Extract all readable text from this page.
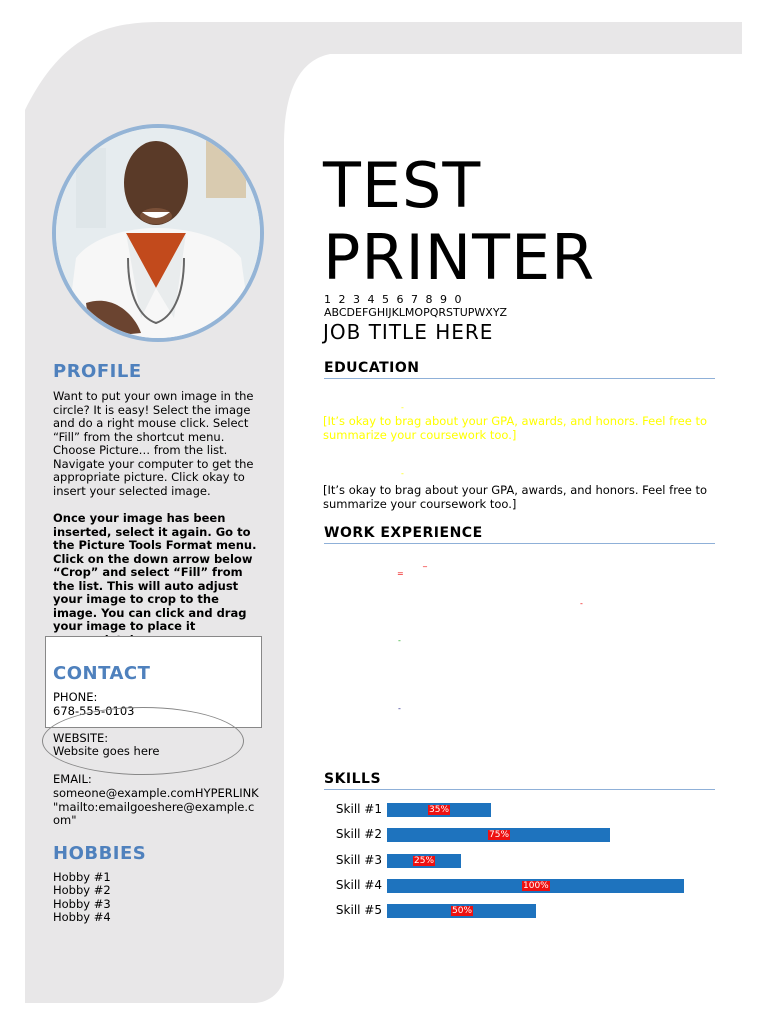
PROFILE
Want to put your own image in the circle? It is easy! Select the image and do a right mouse click. Select “Fill” from the shortcut menu. Choose Picture… from the list. Navigate your computer to get the appropriate picture. Click okay to insert your selected image.
Once your image has been inserted, select it again. Go to the Picture Tools Format menu. Click on the down arrow below “Crop” and select “Fill” from the list. This will auto adjust your image to crop to the image. You can click and drag your image to place it
CONTACT
PHONE:
678-555-0103
WEBSITE:
Website goes here
EMAIL:
someone@example.comHYPERLINK "mailto:emailgoeshere@example.com"
HOBBIES
Hobby #1
Hobby #2
Hobby #3
Hobby #4
TEST
PRINTER
1 2 3 4 5 6 7 8 9 0
ABCDEFGHIJKLMOPQRSTUPWXYZ
JOB TITLE HERE
EDUCATION
-
[It’s okay to brag about your GPA, awards, and honors. Feel free to summarize your coursework too.]
-
[It’s okay to brag about your GPA, awards, and honors. Feel free to summarize your coursework too.]
WORK EXPERIENCE
_
=
-
-
-
SKILLS
Skill #1	35%
Skill #2	75%
Skill #3	25%
Skill #4	100%
Skill #5	50%
